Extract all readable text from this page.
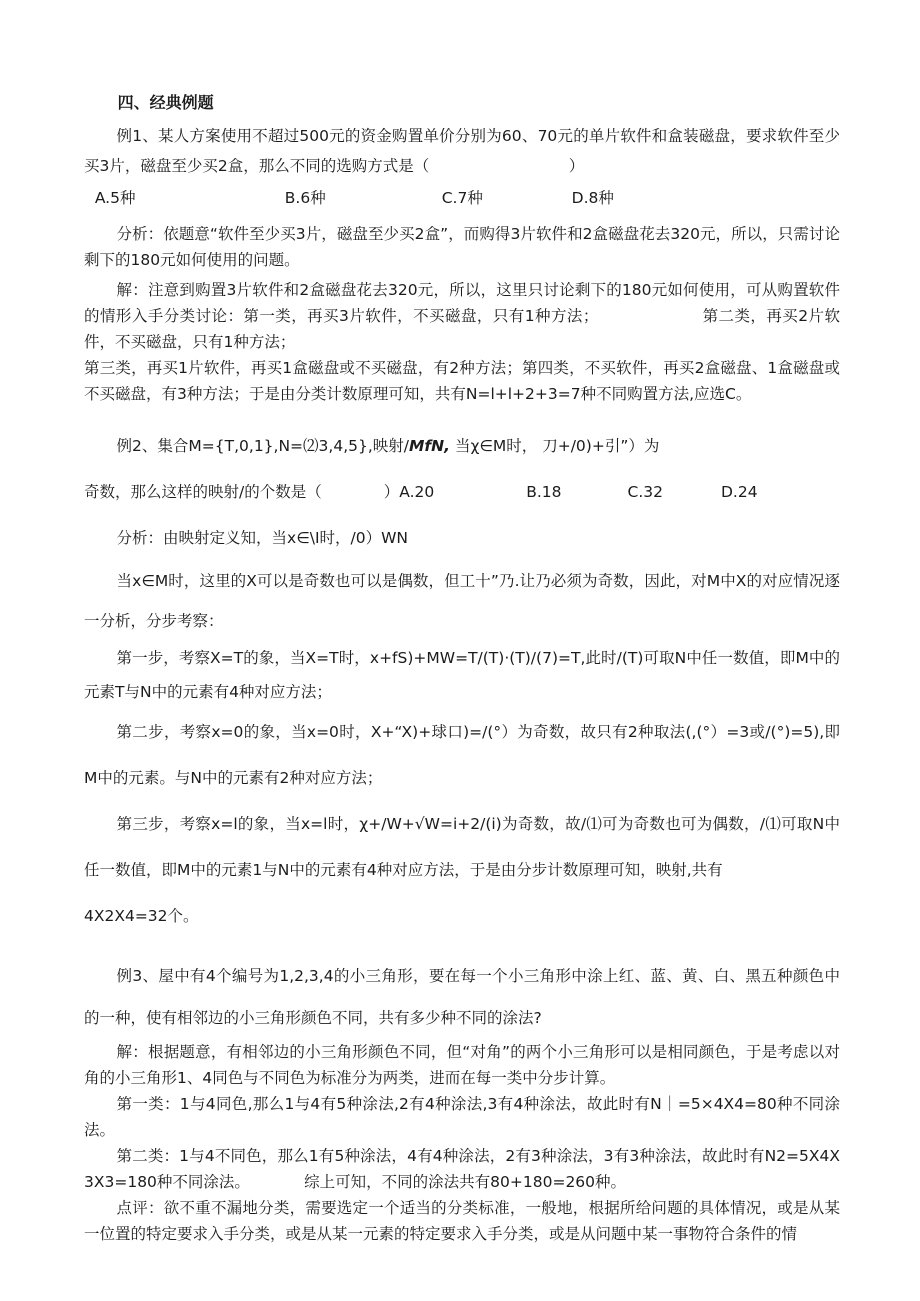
四、经典例题

例1、某人方案使用不超过500元的资金购置单价分别为60、70元的单片软件和盒装磁盘，要求软件至少买3片，磁盘至少买2盒，那么不同的选购方式是（　　　　　　　　　）

A.5种	B.6种	C.7种	D.8种

分析：依题意“软件至少买3片，磁盘至少买2盒”，而购得3片软件和2盒磁盘花去320元，所以，只需讨论剩下的180元如何使用的问题。

解：注意到购置3片软件和2盒磁盘花去320元，所以，这里只讨论剩下的180元如何使用，可从购置软件的情形入手分类讨论：第一类，再买3片软件，不买磁盘，只有1种方法；　　　　　　　第二类，再买2片软件，不买磁盘，只有1种方法；

第三类，再买1片软件，再买1盒磁盘或不买磁盘，有2种方法；第四类，不买软件，再买2盒磁盘、1盒磁盘或不买磁盘，有3种方法；于是由分类计数原理可知，共有N=l+l+2+3=7种不同购置方法,应选C。

例2、集合M={T,0,1},N=⑵3,4,5},映射/MfN, 当χ∈M时， 刀+/0)+引”）为

奇数，那么这样的映射/的个数是（　　　　）A.20	B.18	C.32	D.24

分析：由映射定义知，当x∈\I时，/0）WN

当x∈M时，这里的X可以是奇数也可以是偶数，但工十”乃.让乃必须为奇数，因此，对M中X的对应情况逐一分析，分步考察：

第一步，考察X=T的象，当X=T时，x+fS)+MW=T/(T)·(T)/(7)=T,此时/(T)可取N中任一数值，即M中的元素T与N中的元素有4种对应方法；

第二步，考察x=0的象，当x=0时，X+“X)+球口)=/(°）为奇数，故只有2种取法(,(°）=3或/(°)=5),即M中的元素。与N中的元素有2种对应方法；

第三步，考察x=l的象，当x=l时，χ+/W+√W=i+2/(i)为奇数，故/⑴可为奇数也可为偶数，/⑴可取N中任一数值，即M中的元素1与N中的元素有4种对应方法，于是由分步计数原理可知，映射,共有

4X2X4=32个。

例3、屋中有4个编号为1,2,3,4的小三角形，要在每一个小三角形中涂上红、蓝、黄、白、黑五种颜色中的一种，使有相邻边的小三角形颜色不同，共有多少种不同的涂法?

解：根据题意，有相邻边的小三角形颜色不同，但“对角”的两个小三角形可以是相同颜色，于是考虑以对角的小三角形1、4同色与不同色为标准分为两类，进而在每一类中分步计算。

第一类：1与4同色,那么1与4有5种涂法,2有4种涂法,3有4种涂法，故此时有N｜=5×4X4=80种不同涂法。

第二类：1与4不同色，那么1有5种涂法，4有4种涂法，2有3种涂法，3有3种涂法，故此时有N2=5X4X3X3=180种不同涂法。　　　　综上可知，不同的涂法共有80+180=260种。

点评：欲不重不漏地分类，需要选定一个适当的分类标准，一般地，根据所给问题的具体情况，或是从某一位置的特定要求入手分类，或是从某一元素的特定要求入手分类，或是从问题中某一事物符合条件的情
